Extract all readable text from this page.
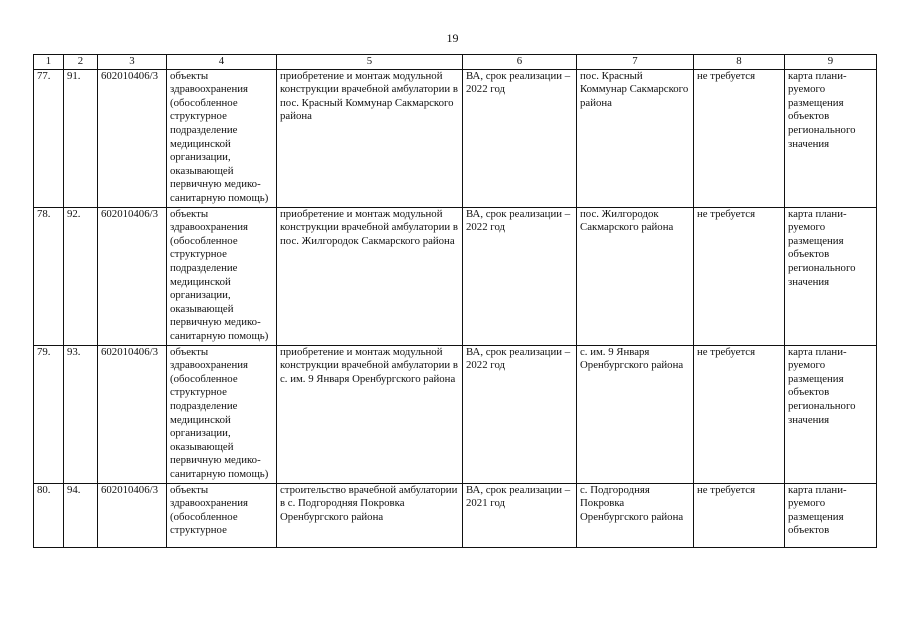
19
1	2	3	4	5	6	7	8	9
77.	91.	602010406/3	объекты здравоохранения (обособленное структурное подразделение медицинской организации, оказывающей первичную медико-санитарную помощь)	приобретение и монтаж модульной конструкции врачебной амбулатории в пос. Красный Коммунар Сакмарского района	ВА, срок реализации – 2022 год	пос. Красный Коммунар Сакмарского района	не требуется	карта плани-руемого размещения объектов регионального значения
78.	92.	602010406/3	объекты здравоохранения (обособленное структурное подразделение медицинской организации, оказывающей первичную медико-санитарную помощь)	приобретение и монтаж модульной конструкции врачебной амбулатории в пос. Жилгородок Сакмарского района	ВА, срок реализации – 2022 год	пос. Жилгородок Сакмарского района	не требуется	карта плани-руемого размещения объектов регионального значения
79.	93.	602010406/3	объекты здравоохранения (обособленное структурное подразделение медицинской организации, оказывающей первичную медико-санитарную помощь)	приобретение и монтаж модульной конструкции врачебной амбулатории в с. им. 9 Января Оренбургского района	ВА, срок реализации – 2022 год	с. им. 9 Января Оренбургского района	не требуется	карта плани-руемого размещения объектов регионального значения
80.	94.	602010406/3	объекты здравоохранения (обособленное структурное	строительство врачебной амбулатории в с. Подгородняя Покровка Оренбургского района	ВА, срок реализации – 2021 год	с. Подгородняя Покровка Оренбургского района	не требуется	карта плани-руемого размещения объектов
